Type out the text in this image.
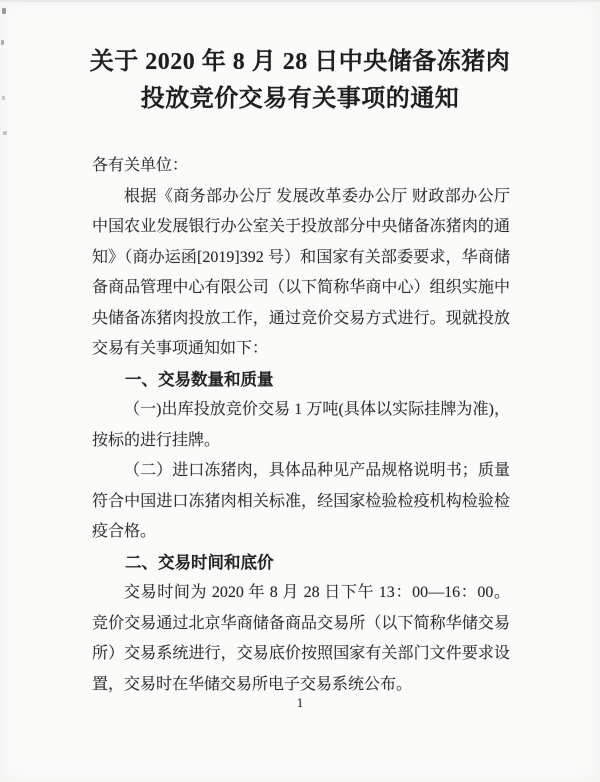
关于 2020 年 8 月 28 日中央储备冻猪肉
投放竞价交易有关事项的通知

各有关单位：

根据《商务部办公厅 发展改革委办公厅 财政部办公厅 中国农业发展银行办公室关于投放部分中央储备冻猪肉的通知》（商办运函[2019]392 号）和国家有关部委要求，华商储备商品管理中心有限公司（以下简称华商中心）组织实施中央储备冻猪肉投放工作，通过竞价交易方式进行。现就投放交易有关事项通知如下：

一、交易数量和质量

（一)出库投放竞价交易 1 万吨(具体以实际挂牌为准)，按标的进行挂牌。

（二）进口冻猪肉，具体品种见产品规格说明书；质量符合中国进口冻猪肉相关标准，经国家检验检疫机构检验检疫合格。

二、交易时间和底价

交易时间为 2020 年 8 月 28 日下午 13：00—16：00。竞价交易通过北京华商储备商品交易所（以下简称华储交易所）交易系统进行，交易底价按照国家有关部门文件要求设置，交易时在华储交易所电子交易系统公布。

1
